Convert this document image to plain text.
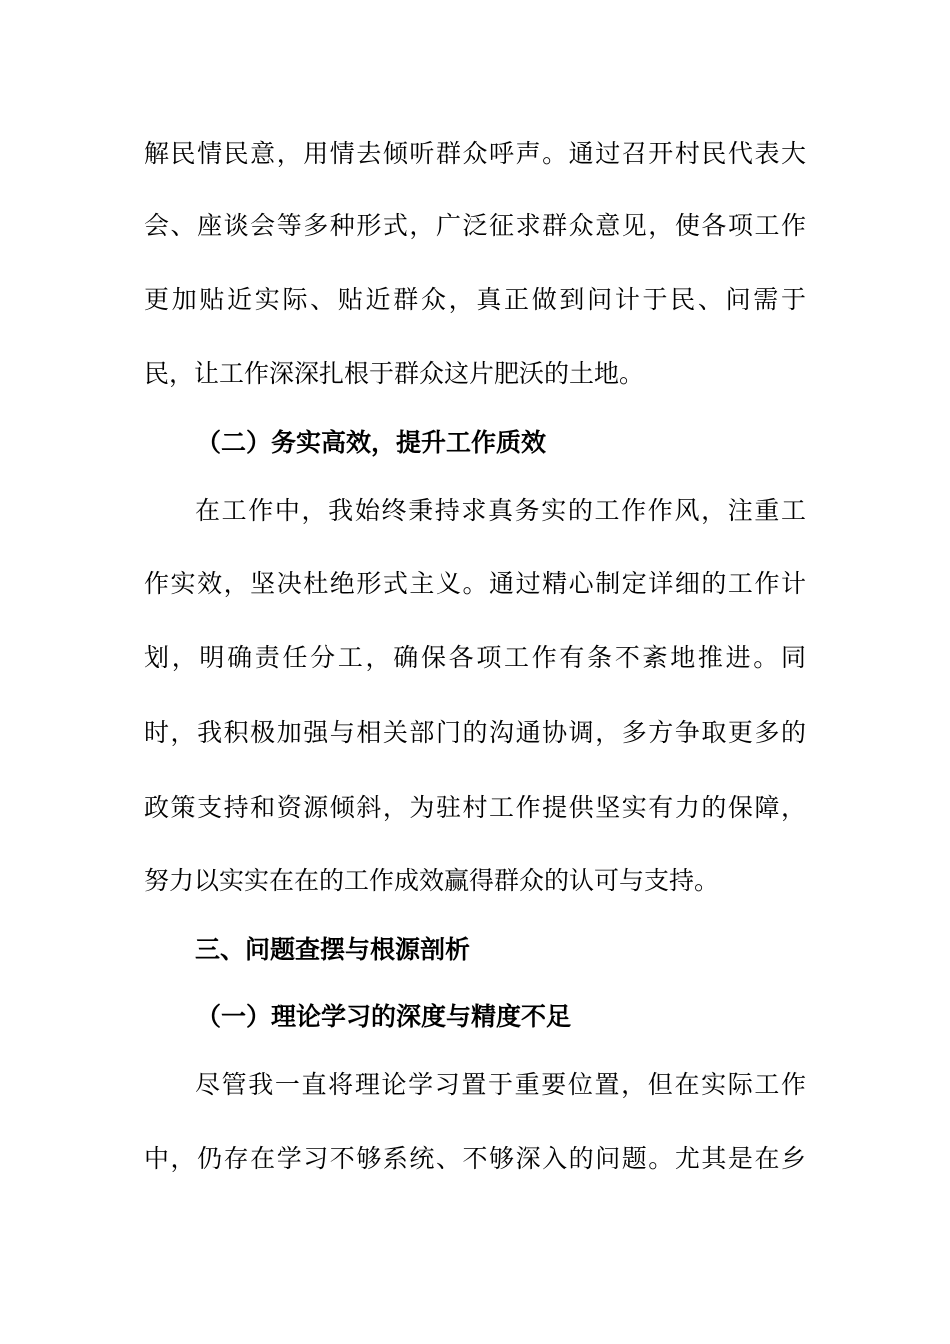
解民情民意，用情去倾听群众呼声。通过召开村民代表大
会、座谈会等多种形式，广泛征求群众意见，使各项工作
更加贴近实际、贴近群众，真正做到问计于民、问需于
民，让工作深深扎根于群众这片肥沃的土地。
（二）务实高效，提升工作质效
在工作中，我始终秉持求真务实的工作作风，注重工
作实效，坚决杜绝形式主义。通过精心制定详细的工作计
划，明确责任分工，确保各项工作有条不紊地推进。同
时，我积极加强与相关部门的沟通协调，多方争取更多的
政策支持和资源倾斜，为驻村工作提供坚实有力的保障，
努力以实实在在的工作成效赢得群众的认可与支持。
三、问题查摆与根源剖析
（一）理论学习的深度与精度不足
尽管我一直将理论学习置于重要位置，但在实际工作
中，仍存在学习不够系统、不够深入的问题。尤其是在乡
